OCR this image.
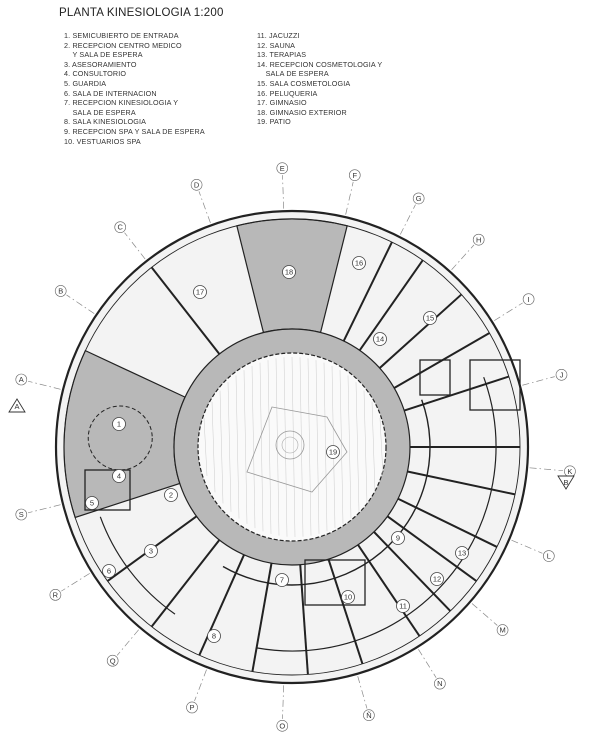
PLANTA KINESIOLOGIA 1:200
1. SEMICUBIERTO DE ENTRADA
2. RECEPCION CENTRO MEDICO
Y SALA DE ESPERA
3. ASESORAMIENTO
4. CONSULTORIO
5. GUARDIA
6. SALA DE INTERNACION
7. RECEPCION KINESIOLOGIA Y
SALA DE ESPERA
8. SALA KINESIOLOGIA
9. RECEPCION SPA Y SALA DE ESPERA
10. VESTUARIOS SPA
11. JACUZZI
12. SAUNA
13. TERAPIAS
14. RECEPCION COSMETOLOGIA Y
SALA DE ESPERA
15. SALA COSMETOLOGIA
16. PELUQUERIA
17. GIMNASIO
18. GIMNASIO EXTERIOR
19. PATIO
A
B
C
D
E
F
G
H
I
J
K
L
M
N
Ñ
O
P
Q
R
S
1
2
3
4
5
6
7
8
9
10
11
12
13
14
15
16
17
18
19
A
B
